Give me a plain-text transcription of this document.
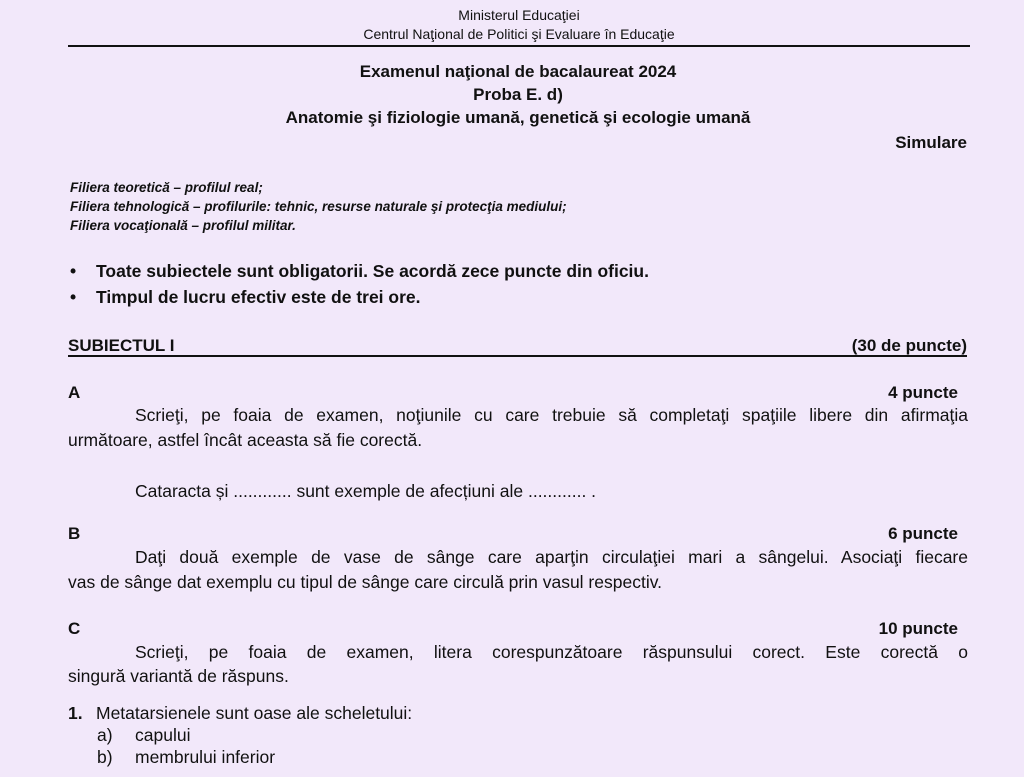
Ministerul Educaţiei
Centrul Naţional de Politici şi Evaluare în Educaţie
Examenul naţional de bacalaureat 2024
Proba E. d)
Anatomie şi fiziologie umană, genetică şi ecologie umană
Simulare
Filiera teoretică – profilul real;
Filiera tehnologică – profilurile: tehnic, resurse naturale şi protecţia mediului;
Filiera vocaţională – profilul militar.
• Toate subiectele sunt obligatorii. Se acordă zece puncte din oficiu.
• Timpul de lucru efectiv este de trei ore.
SUBIECTUL I	(30 de puncte)
A	4 puncte
Scrieţi, pe foaia de examen, noţiunile cu care trebuie să completaţi spaţiile libere din afirmaţia
următoare, astfel încât aceasta să fie corectă.
Cataracta și ............ sunt exemple de afecțiuni ale ............ .
B	6 puncte
Daţi două exemple de vase de sânge care aparţin circulaţiei mari a sângelui. Asociaţi fiecare
vas de sânge dat exemplu cu tipul de sânge care circulă prin vasul respectiv.
C	10 puncte
Scrieţi, pe foaia de examen, litera corespunzătoare răspunsului corect. Este corectă o
singură variantă de răspuns.
1. Metatarsienele sunt oase ale scheletului:
a) capului
b) membrului inferior
